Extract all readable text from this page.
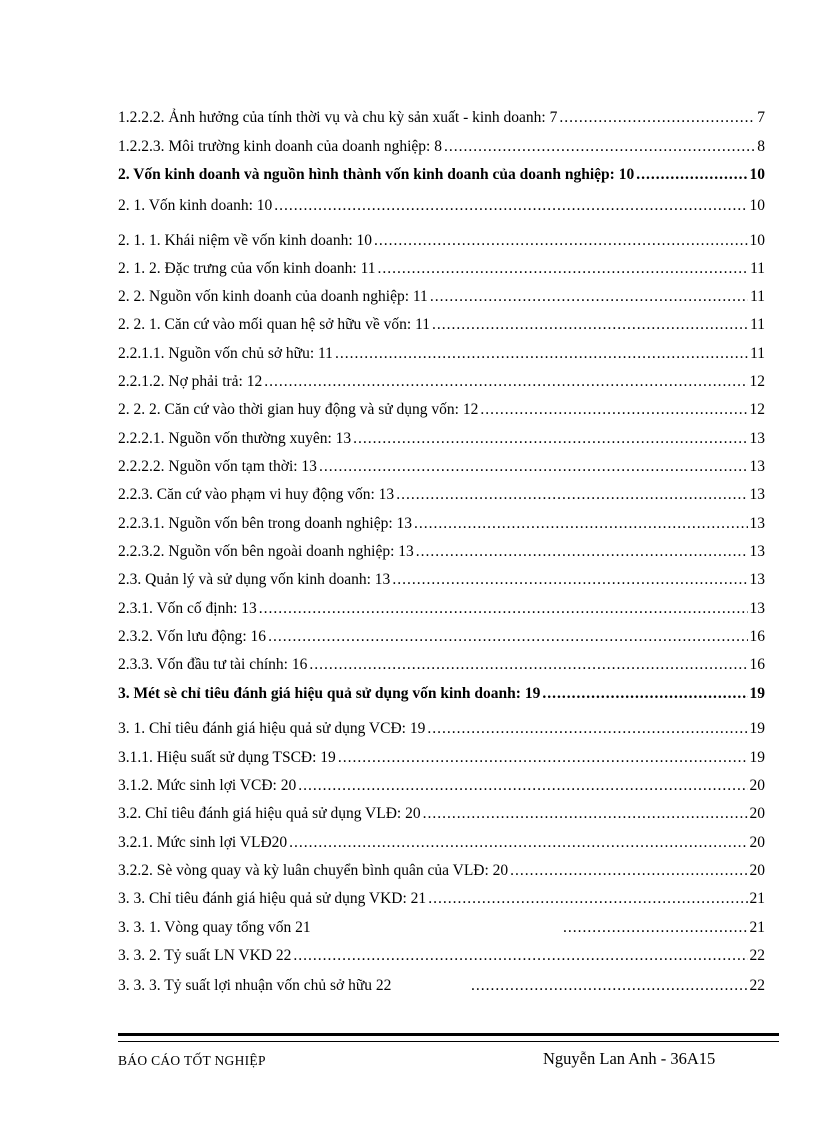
1.2.2.2. Ảnh hưởng của tính thời vụ và chu kỳ sản xuất - kinh doanh: 7 .....	7
1.2.2.3. Môi trường kinh doanh của doanh nghiệp: 8 .....	8
2. Vốn kinh doanh và nguồn hình thành vốn kinh doanh của doanh nghiệp: 10 .....	10
2. 1. Vốn kinh doanh: 10 .....	10
2. 1. 1. Khái niệm về vốn kinh doanh: 10 .....	10
2. 1. 2. Đặc trưng của vốn kinh doanh: 11 .....	11
2. 2. Nguồn vốn kinh doanh của doanh nghiệp: 11 .....	11
2. 2. 1. Căn cứ vào mối quan hệ sở hữu về vốn: 11 .....	11
2.2.1.1. Nguồn vốn chủ sở hữu: 11 .....	11
2.2.1.2. Nợ phải trả: 12 .....	12
2. 2. 2. Căn cứ vào thời gian huy động và sử dụng vốn: 12 .....	12
2.2.2.1. Nguồn vốn thường xuyên: 13 .....	13
2.2.2.2. Nguồn vốn tạm thời: 13 .....	13
2.2.3. Căn cứ vào phạm vi huy động vốn: 13 .....	13
2.2.3.1. Nguồn vốn bên trong doanh nghiệp: 13 .....	13
2.2.3.2. Nguồn vốn bên ngoài doanh nghiệp: 13 .....	13
2.3. Quản lý và sử dụng vốn kinh doanh: 13 .....	13
2.3.1. Vốn cố định: 13 .....	13
2.3.2. Vốn lưu động: 16 .....	16
2.3.3. Vốn đầu tư tài chính: 16 .....	16
3. Mét sè chỉ tiêu đánh giá hiệu quả sử dụng vốn kinh doanh: 19 .....	19
3. 1. Chỉ tiêu đánh giá hiệu quả sử dụng VCĐ: 19 .....	19
3.1.1. Hiệu suất sử dụng TSCĐ: 19 .....	19
3.1.2. Mức sinh lợi VCĐ: 20 .....	20
3.2. Chỉ tiêu đánh giá hiệu quả sử dụng VLĐ: 20 .....	20
3.2.1. Mức sinh lợi VLĐ20 .....	20
3.2.2. Sè vòng quay và kỳ luân chuyển bình quân của VLĐ: 20 .....	20
3. 3. Chỉ tiêu đánh giá hiệu quả sử dụng VKD: 21 .....	21
3. 3. 1. Vòng quay tổng vốn 21 .....	21
3. 3. 2. Tỷ suất LN VKD 22 .....	22
3. 3. 3. Tỷ suất lợi nhuận vốn chủ sở hữu 22 .....	22
BÁO CÁO TỐT NGHIỆP	Nguyễn Lan Anh - 36A15
